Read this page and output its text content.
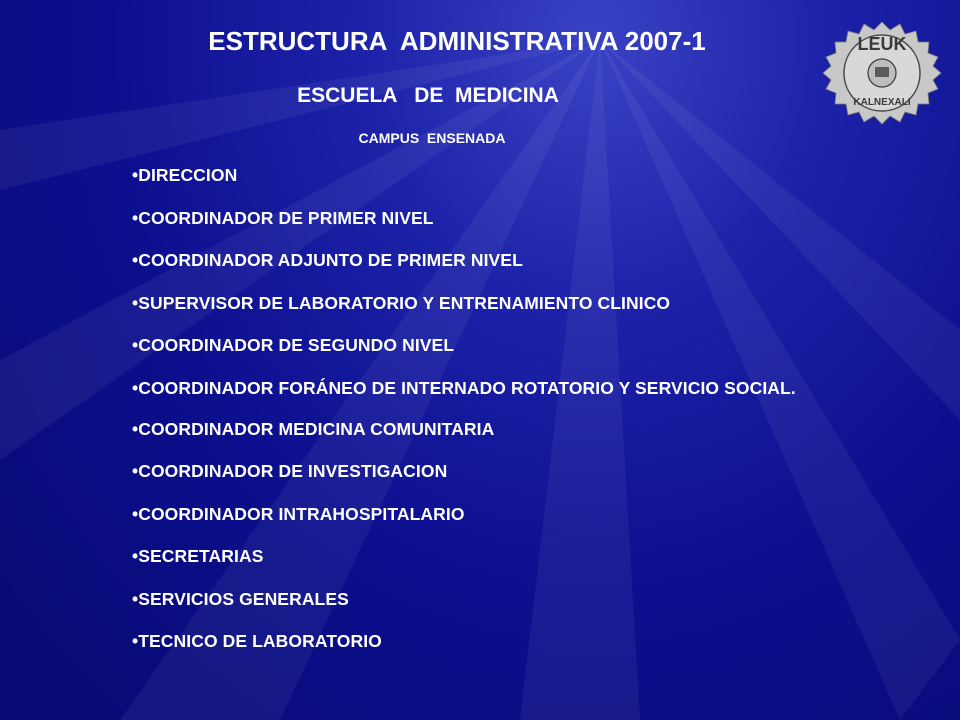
ESTRUCTURA  ADMINISTRATIVA 2007-1
ESCUELA   DE  MEDICINA
CAMPUS  ENSENADA
LEUK
KALNEXALI
•DIRECCION
•COORDINADOR DE PRIMER NIVEL
•COORDINADOR ADJUNTO DE PRIMER NIVEL
•SUPERVISOR DE LABORATORIO Y ENTRENAMIENTO CLINICO
•COORDINADOR DE SEGUNDO NIVEL
•COORDINADOR FORÁNEO DE INTERNADO ROTATORIO Y SERVICIO SOCIAL.
•COORDINADOR MEDICINA COMUNITARIA
•COORDINADOR DE INVESTIGACION
•COORDINADOR INTRAHOSPITALARIO
•SECRETARIAS
•SERVICIOS GENERALES
•TECNICO DE LABORATORIO
